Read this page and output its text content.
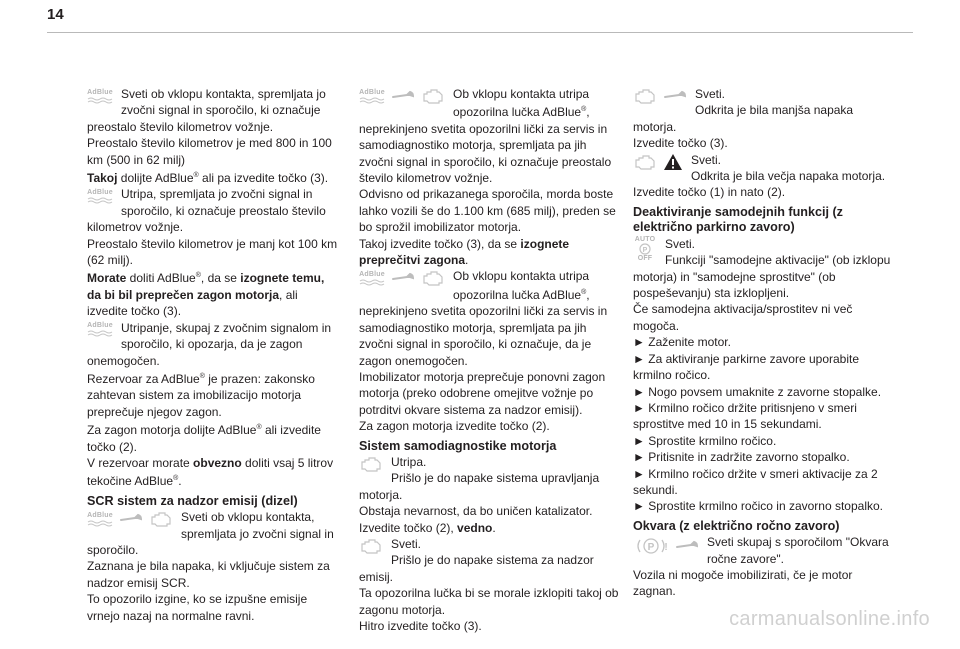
14
AdBlue Sveti ob vklopu kontakta, spremljata jo zvočni signal in sporočilo, ki označuje preostalo število kilometrov vožnje.

Preostalo število kilometrov je med 800 in 100 km (500 in 62 milj)

Takoj dolijte AdBlue® ali pa izvedite točko (3).

AdBlue Utripa, spremljata jo zvočni signal in sporočilo, ki označuje preostalo število kilometrov vožnje.

Preostalo število kilometrov je manj kot 100 km (62 milj).

Morate doliti AdBlue®, da se izognete temu, da bi bil preprečen zagon motorja, ali izvedite točko (3).

AdBlue Utripanje, skupaj z zvočnim signalom in sporočilo, ki opozarja, da je zagon onemogočen.

Rezervoar za AdBlue® je prazen: zakonsko zahtevan sistem za imobilizacijo motorja preprečuje njegov zagon.

Za zagon motorja dolijte AdBlue® ali izvedite točko (2).

V rezervoar morate obvezno doliti vsaj 5 litrov tekočine AdBlue®.

SCR sistem za nadzor emisij (dizel)
AdBlue	Sveti ob vklopu kontakta, spremljata jo zvočni signal in sporočilo.

Zaznana je bila napaka, ki vključuje sistem za nadzor emisij SCR.

To opozorilo izgine, ko se izpušne emisije vrnejo nazaj na normalne ravni.

AdBlue	Ob vklopu kontakta utripa opozorilna lučka AdBlue®, neprekinjeno svetita opozorilni lički za servis in samodiagnostiko motorja, spremljata pa jih zvočni signal in sporočilo, ki označuje preostalo število kilometrov vožnje.

Odvisno od prikazanega sporočila, morda boste lahko vozili še do 1.100 km (685 milj), preden se bo sprožil imobilizator motorja.

Takoj izvedite točko (3), da se izognete preprečitvi zagona.

AdBlue	Ob vklopu kontakta utripa opozorilna lučka AdBlue®, neprekinjeno svetita opozorilni lički za servis in samodiagnostiko motorja, spremljata pa jih zvočni signal in sporočilo, ki označuje, da je zagon onemogočen.

Imobilizator motorja preprečuje ponovni zagon motorja (preko odobrene omejitve vožnje po potrditvi okvare sistema za nadzor emisij).

Za zagon motorja izvedite točko (2).

Sistem samodiagnostike motorja

Utripa.

Prišlo je do napake sistema upravljanja motorja.

Obstaja nevarnost, da bo uničen katalizator.

Izvedite točko (2), vedno.

Sveti.

Prišlo je do napake sistema za nadzor emisij.

Ta opozorilna lučka bi se morale izklopiti takoj ob zagonu motorja.

Hitro izvedite točko (3).

Sveti.

Odkrita je bila manjša napaka motorja.

Izvedite točko (3).

Sveti.

Odkrita je bila večja napaka motorja.

Izvedite točko (1) in nato (2).

Deaktiviranje samodejnih funkcij (z električno parkirno zavoro)
AUTO
P
OFF

Sveti.

Funkciji "samodejne aktivacije" (ob izklopu motorja) in "samodejne sprostitve" (ob pospeševanju) sta izklopljeni.

Če samodejna aktivacija/sprostitev ni več mogoča.

► Zaženite motor.

► Za aktiviranje parkirne zavore uporabite krmilno ročico.

► Nogo povsem umaknite z zavorne stopalke.

► Krmilno ročico držite pritisnjeno v smeri sprostitve med 10 in 15 sekundami.

► Sprostite krmilno ročico.

► Pritisnite in zadržite zavorno stopalko.

► Krmilno ročico držite v smeri aktivacije za 2 sekundi.

► Sprostite krmilno ročico in zavorno stopalko.

Okvara (z električno ročno zavoro)
P !	Sveti skupaj s sporočilom "Okvara ročne zavore".

Vozila ni mogoče imobilizirati, če je motor zagnan.

carmanualsonline.info
